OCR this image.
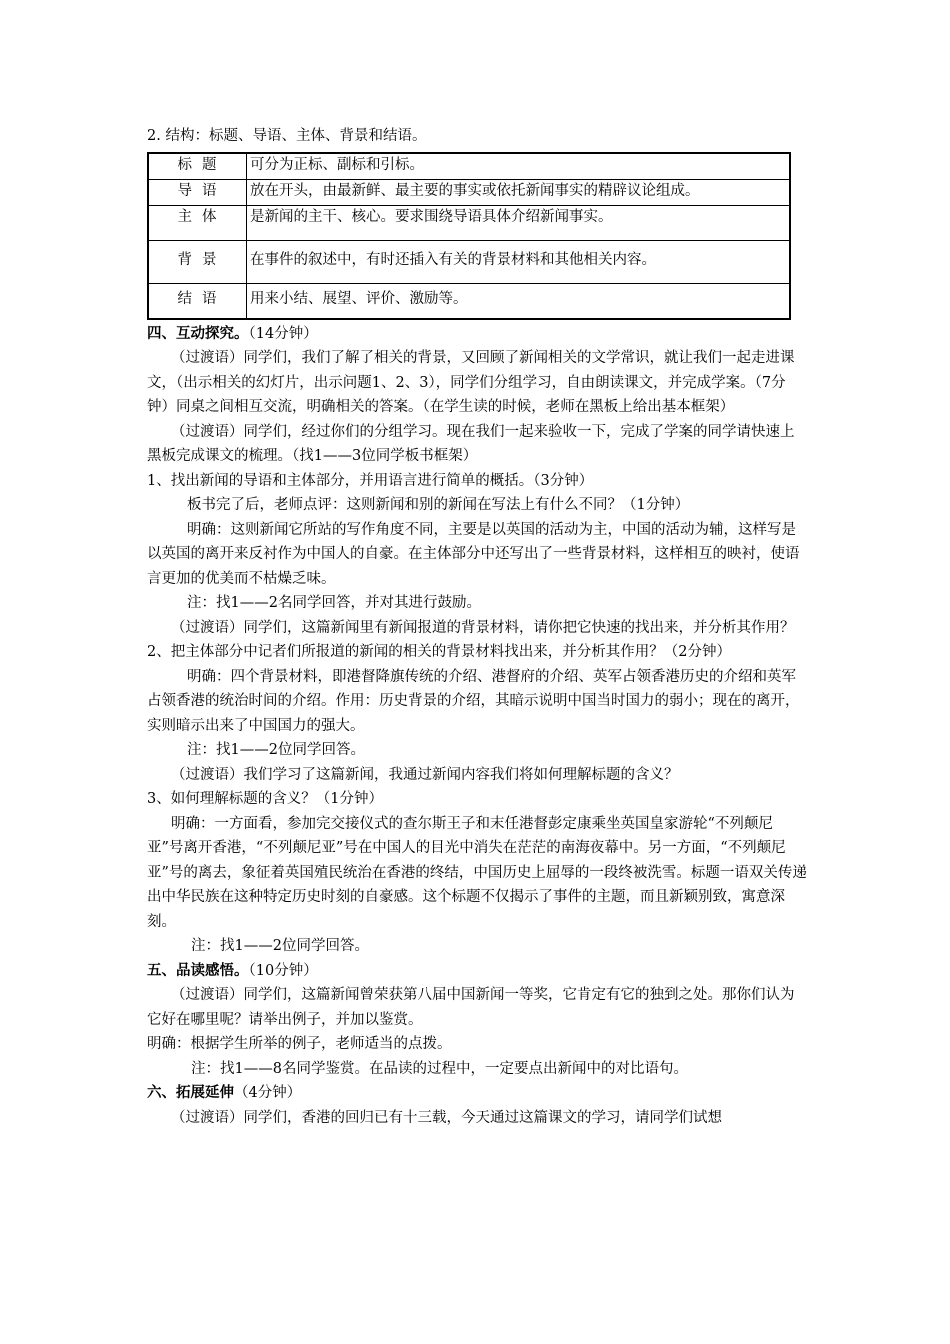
2. 结构：标题、导语、主体、背景和结语。

标题	可分为正标、副标和引标。
导语	放在开头，由最新鲜、最主要的事实或依托新闻事实的精辟议论组成。
主体	是新闻的主干、核心。要求围绕导语具体介绍新闻事实。
背景	在事件的叙述中，有时还插入有关的背景材料和其他相关内容。
结语	用来小结、展望、评价、激励等。

四、互动探究。（14分钟）

（过渡语）同学们，我们了解了相关的背景，又回顾了新闻相关的文学常识，就让我们一起走进课文，（出示相关的幻灯片，出示问题1、2、3），同学们分组学习，自由朗读课文，并完成学案。（7分钟）同桌之间相互交流，明确相关的答案。（在学生读的时候，老师在黑板上给出基本框架）

（过渡语）同学们，经过你们的分组学习。现在我们一起来验收一下，完成了学案的同学请快速上黑板完成课文的梳理。（找1——3位同学板书框架）

1、找出新闻的导语和主体部分，并用语言进行简单的概括。（3分钟）

板书完了后，老师点评：这则新闻和别的新闻在写法上有什么不同？（1分钟）

明确：这则新闻它所站的写作角度不同，主要是以英国的活动为主，中国的活动为辅，这样写是以英国的离开来反衬作为中国人的自豪。在主体部分中还写出了一些背景材料，这样相互的映衬，使语言更加的优美而不枯燥乏味。

注：找1——2名同学回答，并对其进行鼓励。

（过渡语）同学们，这篇新闻里有新闻报道的背景材料，请你把它快速的找出来，并分析其作用？

2、把主体部分中记者们所报道的新闻的相关的背景材料找出来，并分析其作用？（2分钟）

明确：四个背景材料，即港督降旗传统的介绍、港督府的介绍、英军占领香港历史的介绍和英军占领香港的统治时间的介绍。作用：历史背景的介绍，其暗示说明中国当时国力的弱小；现在的离开，实则暗示出来了中国国力的强大。

注：找1——2位同学回答。

（过渡语）我们学习了这篇新闻，我通过新闻内容我们将如何理解标题的含义？

3、如何理解标题的含义？（1分钟）

明确：一方面看，参加完交接仪式的查尔斯王子和末任港督彭定康乘坐英国皇家游轮“不列颠尼亚”号离开香港，“不列颠尼亚”号在中国人的目光中消失在茫茫的南海夜幕中。另一方面，“不列颠尼亚”号的离去，象征着英国殖民统治在香港的终结，中国历史上屈辱的一段终被洗雪。标题一语双关传递出中华民族在这种特定历史时刻的自豪感。这个标题不仅揭示了事件的主题，而且新颖别致，寓意深刻。

注：找1——2位同学回答。

五、品读感悟。（10分钟）

（过渡语）同学们，这篇新闻曾荣获第八届中国新闻一等奖，它肯定有它的独到之处。那你们认为它好在哪里呢？请举出例子，并加以鉴赏。

明确：根据学生所举的例子，老师适当的点拨。

注：找1——8名同学鉴赏。在品读的过程中，一定要点出新闻中的对比语句。

六、拓展延伸（4分钟）

（过渡语）同学们，香港的回归已有十三载，今天通过这篇课文的学习，请同学们试想
